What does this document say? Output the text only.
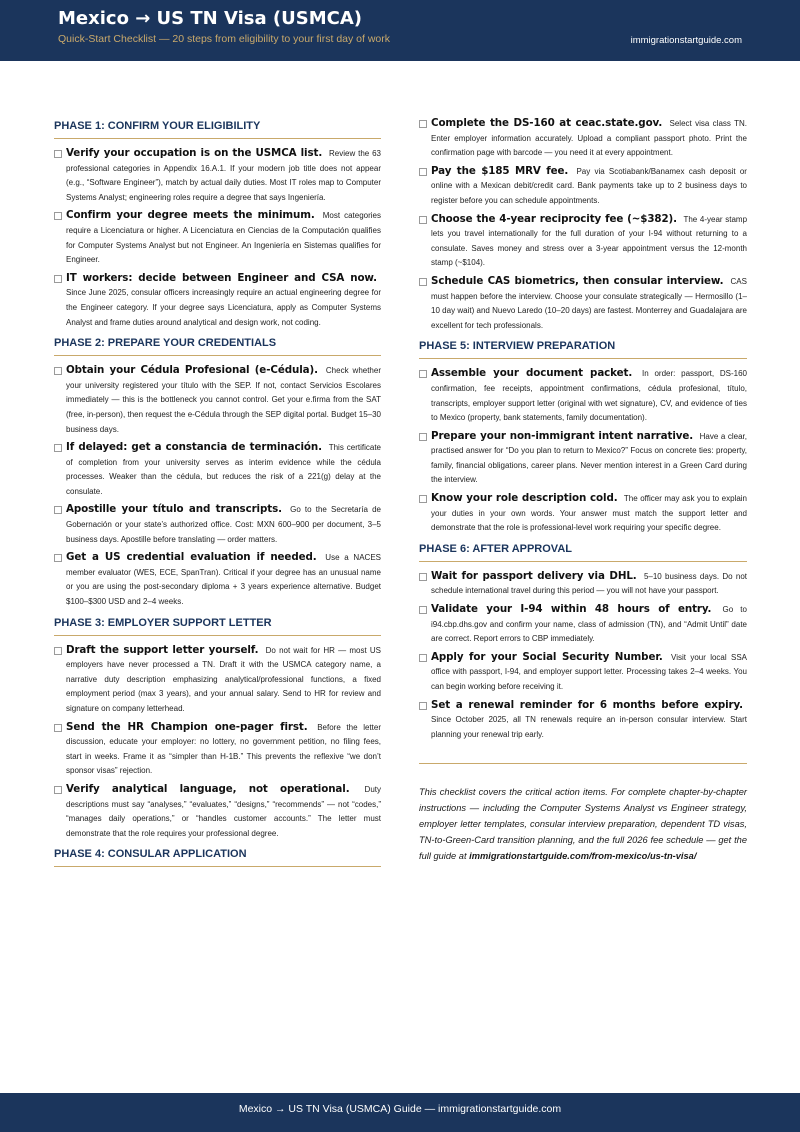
Mexico → US TN Visa (USMCA)
Quick-Start Checklist — 20 steps from eligibility to your first day of work	immigrationstartguide.com
PHASE 1: CONFIRM YOUR ELIGIBILITY
Verify your occupation is on the USMCA list. Review the 63 professional categories in Appendix 16.A.1. If your modern job title does not appear (e.g., “Software Engineer”), match by actual daily duties. Most IT roles map to Computer Systems Analyst; engineering roles require a degree that says Ingeniería.
Confirm your degree meets the minimum. Most categories require a Licenciatura or higher. A Licenciatura en Ciencias de la Computación qualifies for Computer Systems Analyst but not Engineer. An Ingeniería en Sistemas qualifies for Engineer.
IT workers: decide between Engineer and CSA now. Since June 2025, consular officers increasingly require an actual engineering degree for the Engineer category. If your degree says Licenciatura, apply as Computer Systems Analyst and frame duties around analytical and design work, not coding.
PHASE 2: PREPARE YOUR CREDENTIALS
Obtain your Cédula Profesional (e-Cédula). Check whether your university registered your título with the SEP. If not, contact Servicios Escolares immediately — this is the bottleneck you cannot control. Get your e.firma from the SAT (free, in-person), then request the e-Cédula through the SEP digital portal. Budget 15–30 business days.
If delayed: get a constancia de terminación. This certificate of completion from your university serves as interim evidence while the cédula processes. Weaker than the cédula, but reduces the risk of a 221(g) delay at the consulate.
Apostille your título and transcripts. Go to the Secretaría de Gobernación or your state’s authorized office. Cost: MXN 600–900 per document, 3–5 business days. Apostille before translating — order matters.
Get a US credential evaluation if needed. Use a NACES member evaluator (WES, ECE, SpanTran). Critical if your degree has an unusual name or you are using the post-secondary diploma + 3 years experience alternative. Budget $100–$300 USD and 2–4 weeks.
PHASE 3: EMPLOYER SUPPORT LETTER
Draft the support letter yourself. Do not wait for HR — most US employers have never processed a TN. Draft it with the USMCA category name, a narrative duty description emphasizing analytical/professional functions, a fixed employment period (max 3 years), and your annual salary. Send to HR for review and signature on company letterhead.
Send the HR Champion one-pager first. Before the letter discussion, educate your employer: no lottery, no government petition, no filing fees, start in weeks. Frame it as “simpler than H-1B.” This prevents the reflexive “we don’t sponsor visas” rejection.
Verify analytical language, not operational. Duty descriptions must say “analyses,” “evaluates,” “designs,” “recommends” — not “codes,” “manages daily operations,” or “handles customer accounts.” The letter must demonstrate that the role requires your professional degree.
PHASE 4: CONSULAR APPLICATION
Complete the DS-160 at ceac.state.gov. Select visa class TN. Enter employer information accurately. Upload a compliant passport photo. Print the confirmation page with barcode — you need it at every appointment.
Pay the $185 MRV fee. Pay via Scotiabank/Banamex cash deposit or online with a Mexican debit/credit card. Bank payments take up to 2 business days to register before you can schedule appointments.
Choose the 4-year reciprocity fee (~$382). The 4-year stamp lets you travel internationally for the full duration of your I-94 without returning to a consulate. Saves money and stress over a 3-year appointment versus the 12-month stamp (~$104).
Schedule CAS biometrics, then consular interview. CAS must happen before the interview. Choose your consulate strategically — Hermosillo (1–10 day wait) and Nuevo Laredo (10–20 days) are fastest. Monterrey and Guadalajara are excellent for tech professionals.
PHASE 5: INTERVIEW PREPARATION
Assemble your document packet. In order: passport, DS-160 confirmation, fee receipts, appointment confirmations, cédula profesional, título, transcripts, employer support letter (original with wet signature), CV, and evidence of ties to Mexico (property, bank statements, family documentation).
Prepare your non-immigrant intent narrative. Have a clear, practised answer for “Do you plan to return to Mexico?” Focus on concrete ties: property, family, financial obligations, career plans. Never mention interest in a Green Card during the interview.
Know your role description cold. The officer may ask you to explain your duties in your own words. Your answer must match the support letter and demonstrate that the role is professional-level work requiring your specific degree.
PHASE 6: AFTER APPROVAL
Wait for passport delivery via DHL. 5–10 business days. Do not schedule international travel during this period — you will not have your passport.
Validate your I-94 within 48 hours of entry. Go to i94.cbp.dhs.gov and confirm your name, class of admission (TN), and “Admit Until” date are correct. Report errors to CBP immediately.
Apply for your Social Security Number. Visit your local SSA office with passport, I-94, and employer support letter. Processing takes 2–4 weeks. You can begin working before receiving it.
Set a renewal reminder for 6 months before expiry. Since October 2025, all TN renewals require an in-person consular interview. Start planning your renewal trip early.
This checklist covers the critical action items. For complete chapter-by-chapter instructions — including the Computer Systems Analyst vs Engineer strategy, employer letter templates, consular interview preparation, dependent TD visas, TN-to-Green-Card transition planning, and the full 2026 fee schedule — get the full guide at immigrationstartguide.com/from-mexico/us-tn-visa/
Mexico → US TN Visa (USMCA) Guide — immigrationstartguide.com
